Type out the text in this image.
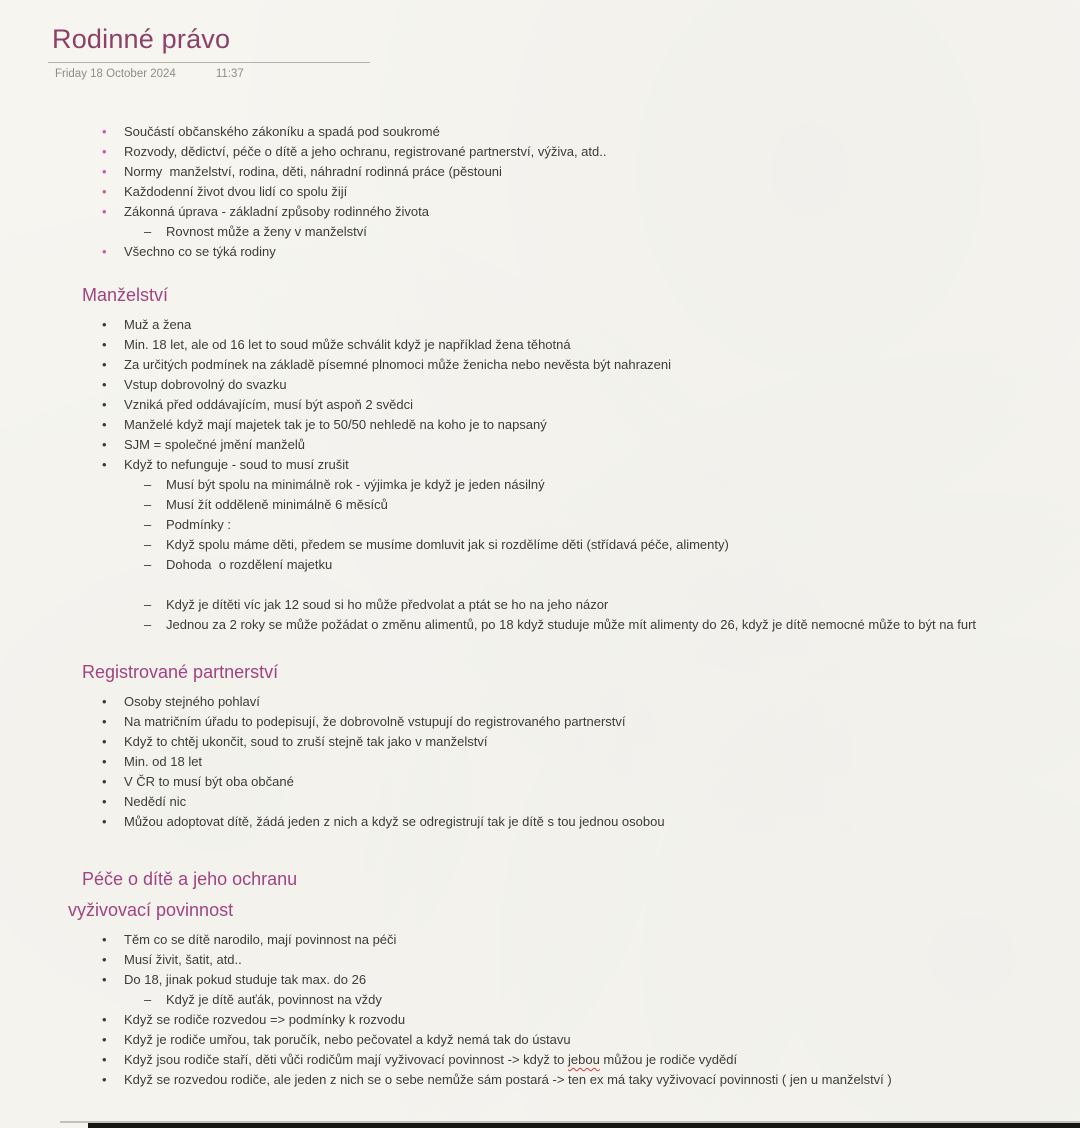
Rodinné právo
Friday 18 October 2024	11:37
•	Součástí občanského zákoníku a spadá pod soukromé
•	Rozvody, dědictví, péče o dítě a jeho ochranu, registrované partnerství, výživa, atd..
•	Normy  manželství, rodina, děti, náhradní rodinná práce (pěstouni
•	Každodenní život dvou lidí co spolu žijí
•	Zákonná úprava - základní způsoby rodinného života
–	Rovnost může a ženy v manželství
•	Všechno co se týká rodiny
Manželství
•	Muž a žena
•	Min. 18 let, ale od 16 let to soud může schválit když je například žena těhotná
•	Za určitých podmínek na základě písemné plnomoci může ženicha nebo nevěsta být nahrazeni
•	Vstup dobrovolný do svazku
•	Vzniká před oddávajícím, musí být aspoň 2 svědci
•	Manželé když mají majetek tak je to 50/50 nehledě na koho je to napsaný
•	SJM = společné jmění manželů
•	Když to nefunguje - soud to musí zrušit
–	Musí být spolu na minimálně rok - výjimka je když je jeden násilný
–	Musí žít odděleně minimálně 6 měsíců
–	Podmínky :
–	Když spolu máme děti, předem se musíme domluvit jak si rozdělíme děti (střídavá péče, alimenty)
–	Dohoda  o rozdělení majetku
–	Když je dítěti víc jak 12 soud si ho může předvolat a ptát se ho na jeho názor
–	Jednou za 2 roky se může požádat o změnu alimentů, po 18 když studuje může mít alimenty do 26, když je dítě nemocné může to být na furt
Registrované partnerství
•	Osoby stejného pohlaví
•	Na matričním úřadu to podepisují, že dobrovolně vstupují do registrovaného partnerství
•	Když to chtěj ukončit, soud to zruší stejně tak jako v manželství
•	Min. od 18 let
•	V ČR to musí být oba občané
•	Nedědí nic
•	Můžou adoptovat dítě, žádá jeden z nich a když se odregistrují tak je dítě s tou jednou osobou
Péče o dítě a jeho ochranu
vyživovací povinnost
•	Těm co se dítě narodilo, mají povinnost na péči
•	Musí živit, šatit, atd..
•	Do 18, jinak pokud studuje tak max. do 26
–	Když je dítě auťák, povinnost na vždy
•	Když se rodiče rozvedou => podmínky k rozvodu
•	Když je rodiče umřou, tak poručík, nebo pečovatel a když nemá tak do ústavu
•	Když jsou rodiče staří, děti vůči rodičům mají vyživovací povinnost -> když to jebou můžou je rodiče vydědí
•	Když se rozvedou rodiče, ale jeden z nich se o sebe nemůže sám postará -> ten ex má taky vyživovací povinnosti ( jen u manželství )
